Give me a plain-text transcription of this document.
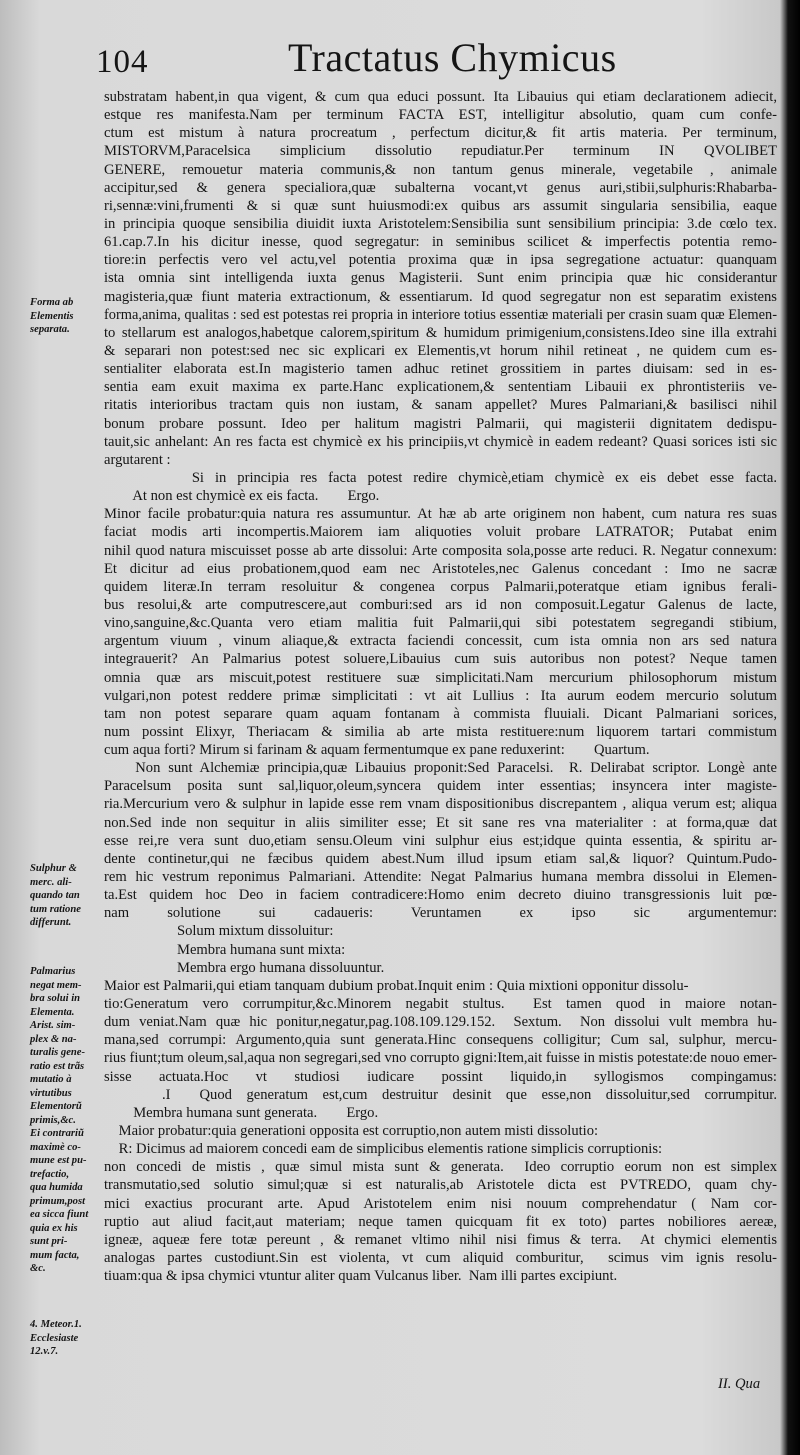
104	Tractatus Chymicus
substratam habent,in qua vigent, & cum qua educi possunt. Ita Libauius qui etiam declarationem adiecit,
estque res manifesta.Nam per terminum FACTA EST, intelligitur absolutio, quam cum confe-
ctum est mistum à natura procreatum , perfectum dicitur,& fit artis materia. Per terminum,
MISTORVM,Paracelsica simplicium dissolutio repudiatur.Per terminum IN QVOLIBET
GENERE, remouetur materia communis,& non tantum genus minerale, vegetabile , animale
accipitur,sed & genera specialiora,quæ subalterna vocant,vt genus auri,stibii,sulphuris:Rhabarba-
ri,sennæ:vini,frumenti & si quæ sunt huiusmodi:ex quibus ars assumit singularia sensibilia, eaque
in principia quoque sensibilia diuidit iuxta Aristotelem:Sensibilia sunt sensibilium principia: 3.de cœlo tex.
61.cap.7.In his dicitur inesse, quod segregatur: in seminibus scilicet & imperfectis potentia remo-
tiore:in perfectis vero vel actu,vel potentia proxima quæ in ipsa segregatione actuatur: quanquam
ista omnia sint intelligenda iuxta genus Magisterii. Sunt enim principia quæ hic considerantur
magisteria,quæ fiunt materia extractionum, & essentiarum. Id quod segregatur non est separatim existens
forma,anima, qualitas : sed est potestas rei propria in interiore totius essentiæ materiali per crasin suam quæ Elemen-
to stellarum est analogos,habetque calorem,spiritum & humidum primigenium,consistens.Ideo sine illa extrahi
& separari non potest:sed nec sic explicari ex Elementis,vt horum nihil retineat , ne quidem cum es-
sentialiter elaborata est.In magisterio tamen adhuc retinet grossitiem in partes diuisam: sed in es-
sentia eam exuit maxima ex parte.Hanc explicationem,& sententiam Libauii ex phrontisteriis ve-
ritatis interioribus tractam quis non iustam, & sanam appellet? Mures Palmariani,& basilisci nihil
bonum probare possunt. Ideo per halitum magistri Palmarii, qui magisterii dignitatem dedispu-
tauit,sic anhelant: An res facta est chymicè ex his principiis,vt chymicè in eadem redeant? Quasi sorices isti sic
argutarent :
Si in principia res facta potest redire chymicè,etiam chymicè ex eis debet esse facta.
At non est chymicè ex eis facta.        Ergo.
Minor facile probatur:quia natura res assumuntur. At hæ ab arte originem non habent, cum natura res suas
faciat modis arti incompertis.Maiorem iam aliquoties voluit probare LATRATOR; Putabat enim
nihil quod natura miscuisset posse ab arte dissolui: Arte composita sola,posse arte reduci. R. Negatur connexum:
Et dicitur ad eius probationem,quod eam nec Aristoteles,nec Galenus concedant : Imo ne sacræ
quidem literæ.In terram resoluitur & congenea corpus Palmarii,poteratque etiam ignibus ferali-
bus resolui,& arte computrescere,aut comburi:sed ars id non composuit.Legatur Galenus de lacte,
vino,sanguine,&c.Quanta vero etiam malitia fuit Palmarii,qui sibi potestatem segregandi stibium,
argentum viuum , vinum aliaque,& extracta faciendi concessit, cum ista omnia non ars sed natura
integrauerit? An Palmarius potest soluere,Libauius cum suis autoribus non potest? Neque tamen
omnia quæ ars miscuit,potest restituere suæ simplicitati.Nam mercurium philosophorum mistum
vulgari,non potest reddere primæ simplicitati : vt ait Lullius : Ita aurum eodem mercurio solutum
tam non potest separare quam aquam fontanam à commista fluuiali. Dicant Palmariani sorices,
num possint Elixyr, Theriacam & similia ab arte mista restituere:num liquorem tartari commistum
cum aqua forti? Mirum si farinam & aquam fermentumque ex pane reduxerint:        Quartum.
Non sunt Alchemiæ principia,quæ Libauius proponit:Sed Paracelsi.  R. Delirabat scriptor. Longè ante
Paracelsum posita sunt sal,liquor,oleum,syncera quidem inter essentias; insyncera inter magiste-
ria.Mercurium vero & sulphur in lapide esse rem vnam dispositionibus discrepantem , aliqua verum est; aliqua
non.Sed inde non sequitur in aliis similiter esse; Et sit sane res vna materialiter : at forma,quæ dat
esse rei,re vera sunt duo,etiam sensu.Oleum vini sulphur eius est;idque quinta essentia, & spiritu ar-
dente continetur,qui ne fæcibus quidem abest.Num illud ipsum etiam sal,& liquor? Quintum.Pudo-
rem hic vestrum reponimus Palmariani. Attendite: Negat Palmarius humana membra dissolui in Elemen-
ta.Est quidem hoc Deo in faciem contradicere:Homo enim decreto diuino transgressionis luit pœ-
nam solutione sui cadaueris: Veruntamen ex ipso sic argumentemur:
Solum mixtum dissoluitur:
Membra humana sunt mixta:
Membra ergo humana dissoluuntur.
Maior est Palmarii,qui etiam tanquam dubium probat.Inquit enim : Quia mixtioni opponitur dissolu-
tio:Generatum vero corrumpitur,&c.Minorem negabit stultus.  Est tamen quod in maiore notan-
dum veniat.Nam quæ hic ponitur,negatur,pag.108.109.129.152.  Sextum.  Non dissolui vult membra hu-
mana,sed corrumpi: Argumento,quia sunt generata.Hinc consequens colligitur; Cum sal, sulphur, mercu-
rius fiunt;tum oleum,sal,aqua non segregari,sed vno corrupto gigni:Item,ait fuisse in mistis potestate:de nouo emer-
sisse actuata.Hoc vt studiosi iudicare possint liquido,in syllogismos compingamus:
.I  Quod generatum est,cum destruitur desinit que esse,non dissoluitur,sed corrumpitur.
Membra humana sunt generata.        Ergo.
Maior probatur:quia generationi opposita est corruptio,non autem misti dissolutio:
R: Dicimus ad maiorem concedi eam de simplicibus elementis ratione simplicis corruptionis:
non concedi de mistis , quæ simul mista sunt & generata.  Ideo corruptio eorum non est simplex
transmutatio,sed solutio simul;quæ si est naturalis,ab Aristotele dicta est PVTREDO, quam chy-
mici exactius procurant arte. Apud Aristotelem enim nisi nouum comprehendatur ( Nam cor-
ruptio aut aliud facit,aut materiam; neque tamen quicquam fit ex toto) partes nobiliores aereæ,
igneæ, aqueæ fere totæ pereunt , & remanet vltimo nihil nisi fimus & terra.  At chymici elementis
analogas partes custodiunt.Sin est violenta, vt cum aliquid comburitur,  scimus vim ignis resolu-
tiuam:qua & ipsa chymici vtuntur aliter quam Vulcanus liber.  Nam illi partes excipiunt.
Forma ab
Elementis
separata.
Sulphur &
merc. ali-
quando tan
tum ratione
differunt.
Palmarius
negat mem-
bra solui in
Elementa.
Arist. sim-
plex & na-
turalis gene-
ratio est trãs
mutatio à
virtutibus
Elementorũ
primis,&c.
Ei contrariũ
maximè co-
mune est pu-
trefactio,
qua humida
primum,post
ea sicca fiunt
quia ex his
sunt pri-
mum facta,
&c.
4. Meteor.1.
Ecclesiaste
12.v.7.
II. Qua
